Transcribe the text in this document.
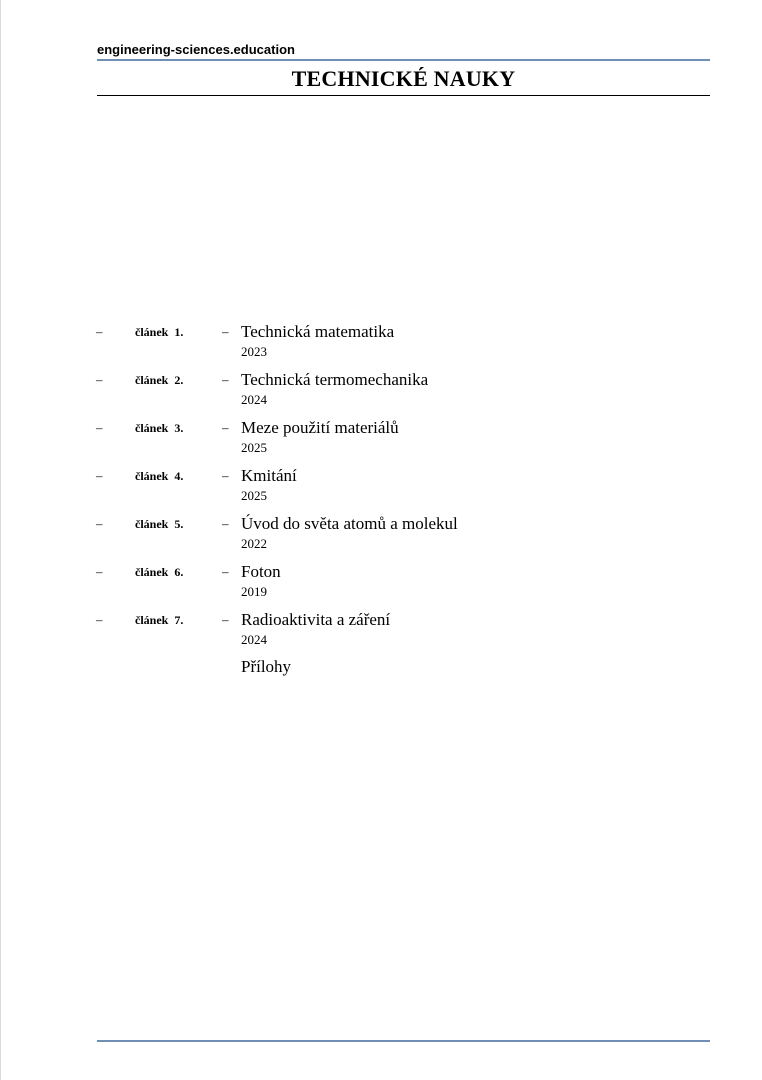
engineering-sciences.education
TECHNICKÉ NAUKY
–	článek  1.	– Technická matematika
2023
–	článek  2.	– Technická termomechanika
2024
–	článek  3.	– Meze použití materiálů
2025
–	článek  4.	– Kmitání
2025
–	článek  5.	– Úvod do světa atomů a molekul
2022
–	článek  6.	– Foton
2019
–	článek  7.	– Radioaktivita a záření
2024
Přílohy
